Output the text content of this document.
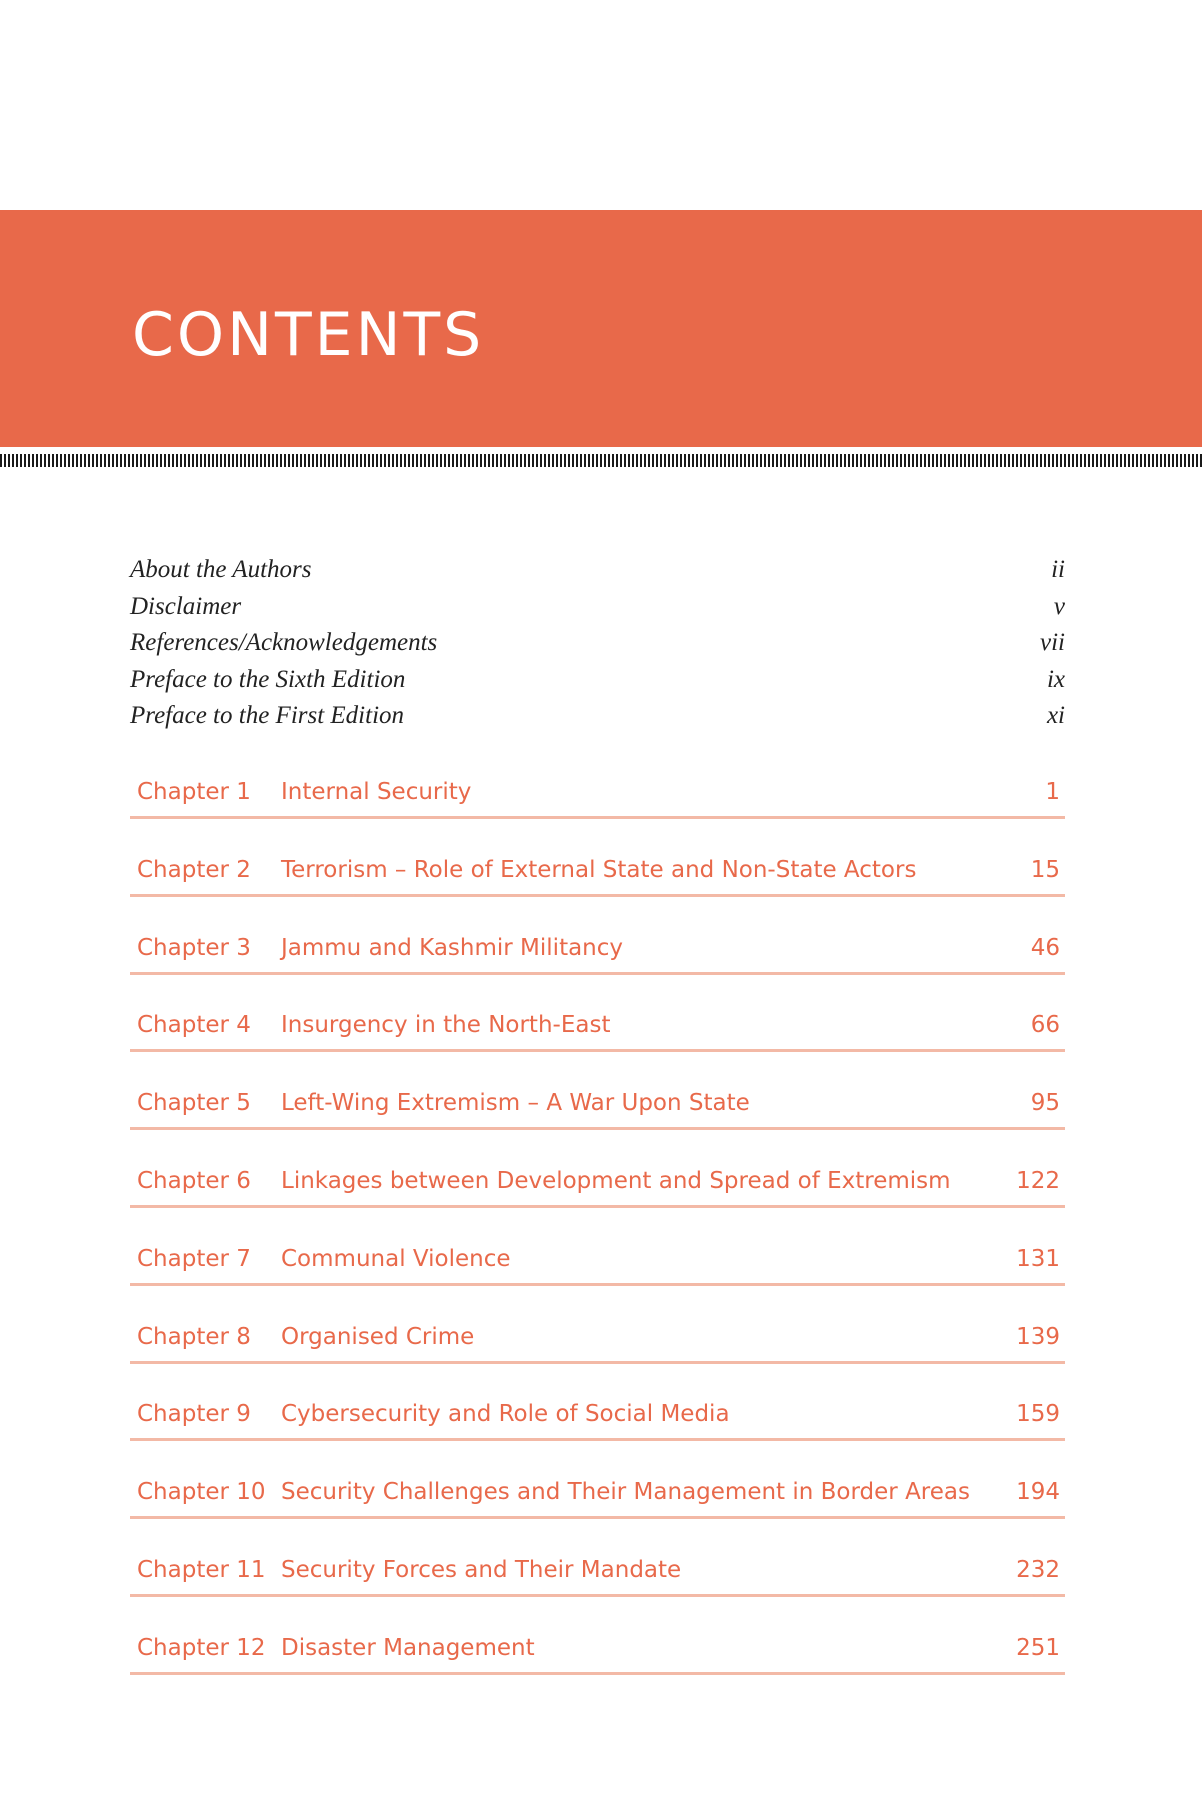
CONTENTS
About the Authors	ii
Disclaimer	v
References/Acknowledgements	vii
Preface to the Sixth Edition	ix
Preface to the First Edition	xi
Chapter 1 Internal Security	1
Chapter 2 Terrorism – Role of External State and Non-State Actors	15
Chapter 3 Jammu and Kashmir Militancy	46
Chapter 4 Insurgency in the North-East	66
Chapter 5 Left-Wing Extremism – A War Upon State	95
Chapter 6 Linkages between Development and Spread of Extremism	122
Chapter 7 Communal Violence	131
Chapter 8 Organised Crime	139
Chapter 9 Cybersecurity and Role of Social Media	159
Chapter 10 Security Challenges and Their Management in Border Areas 194
Chapter 11 Security Forces and Their Mandate	232
Chapter 12 Disaster Management	251
